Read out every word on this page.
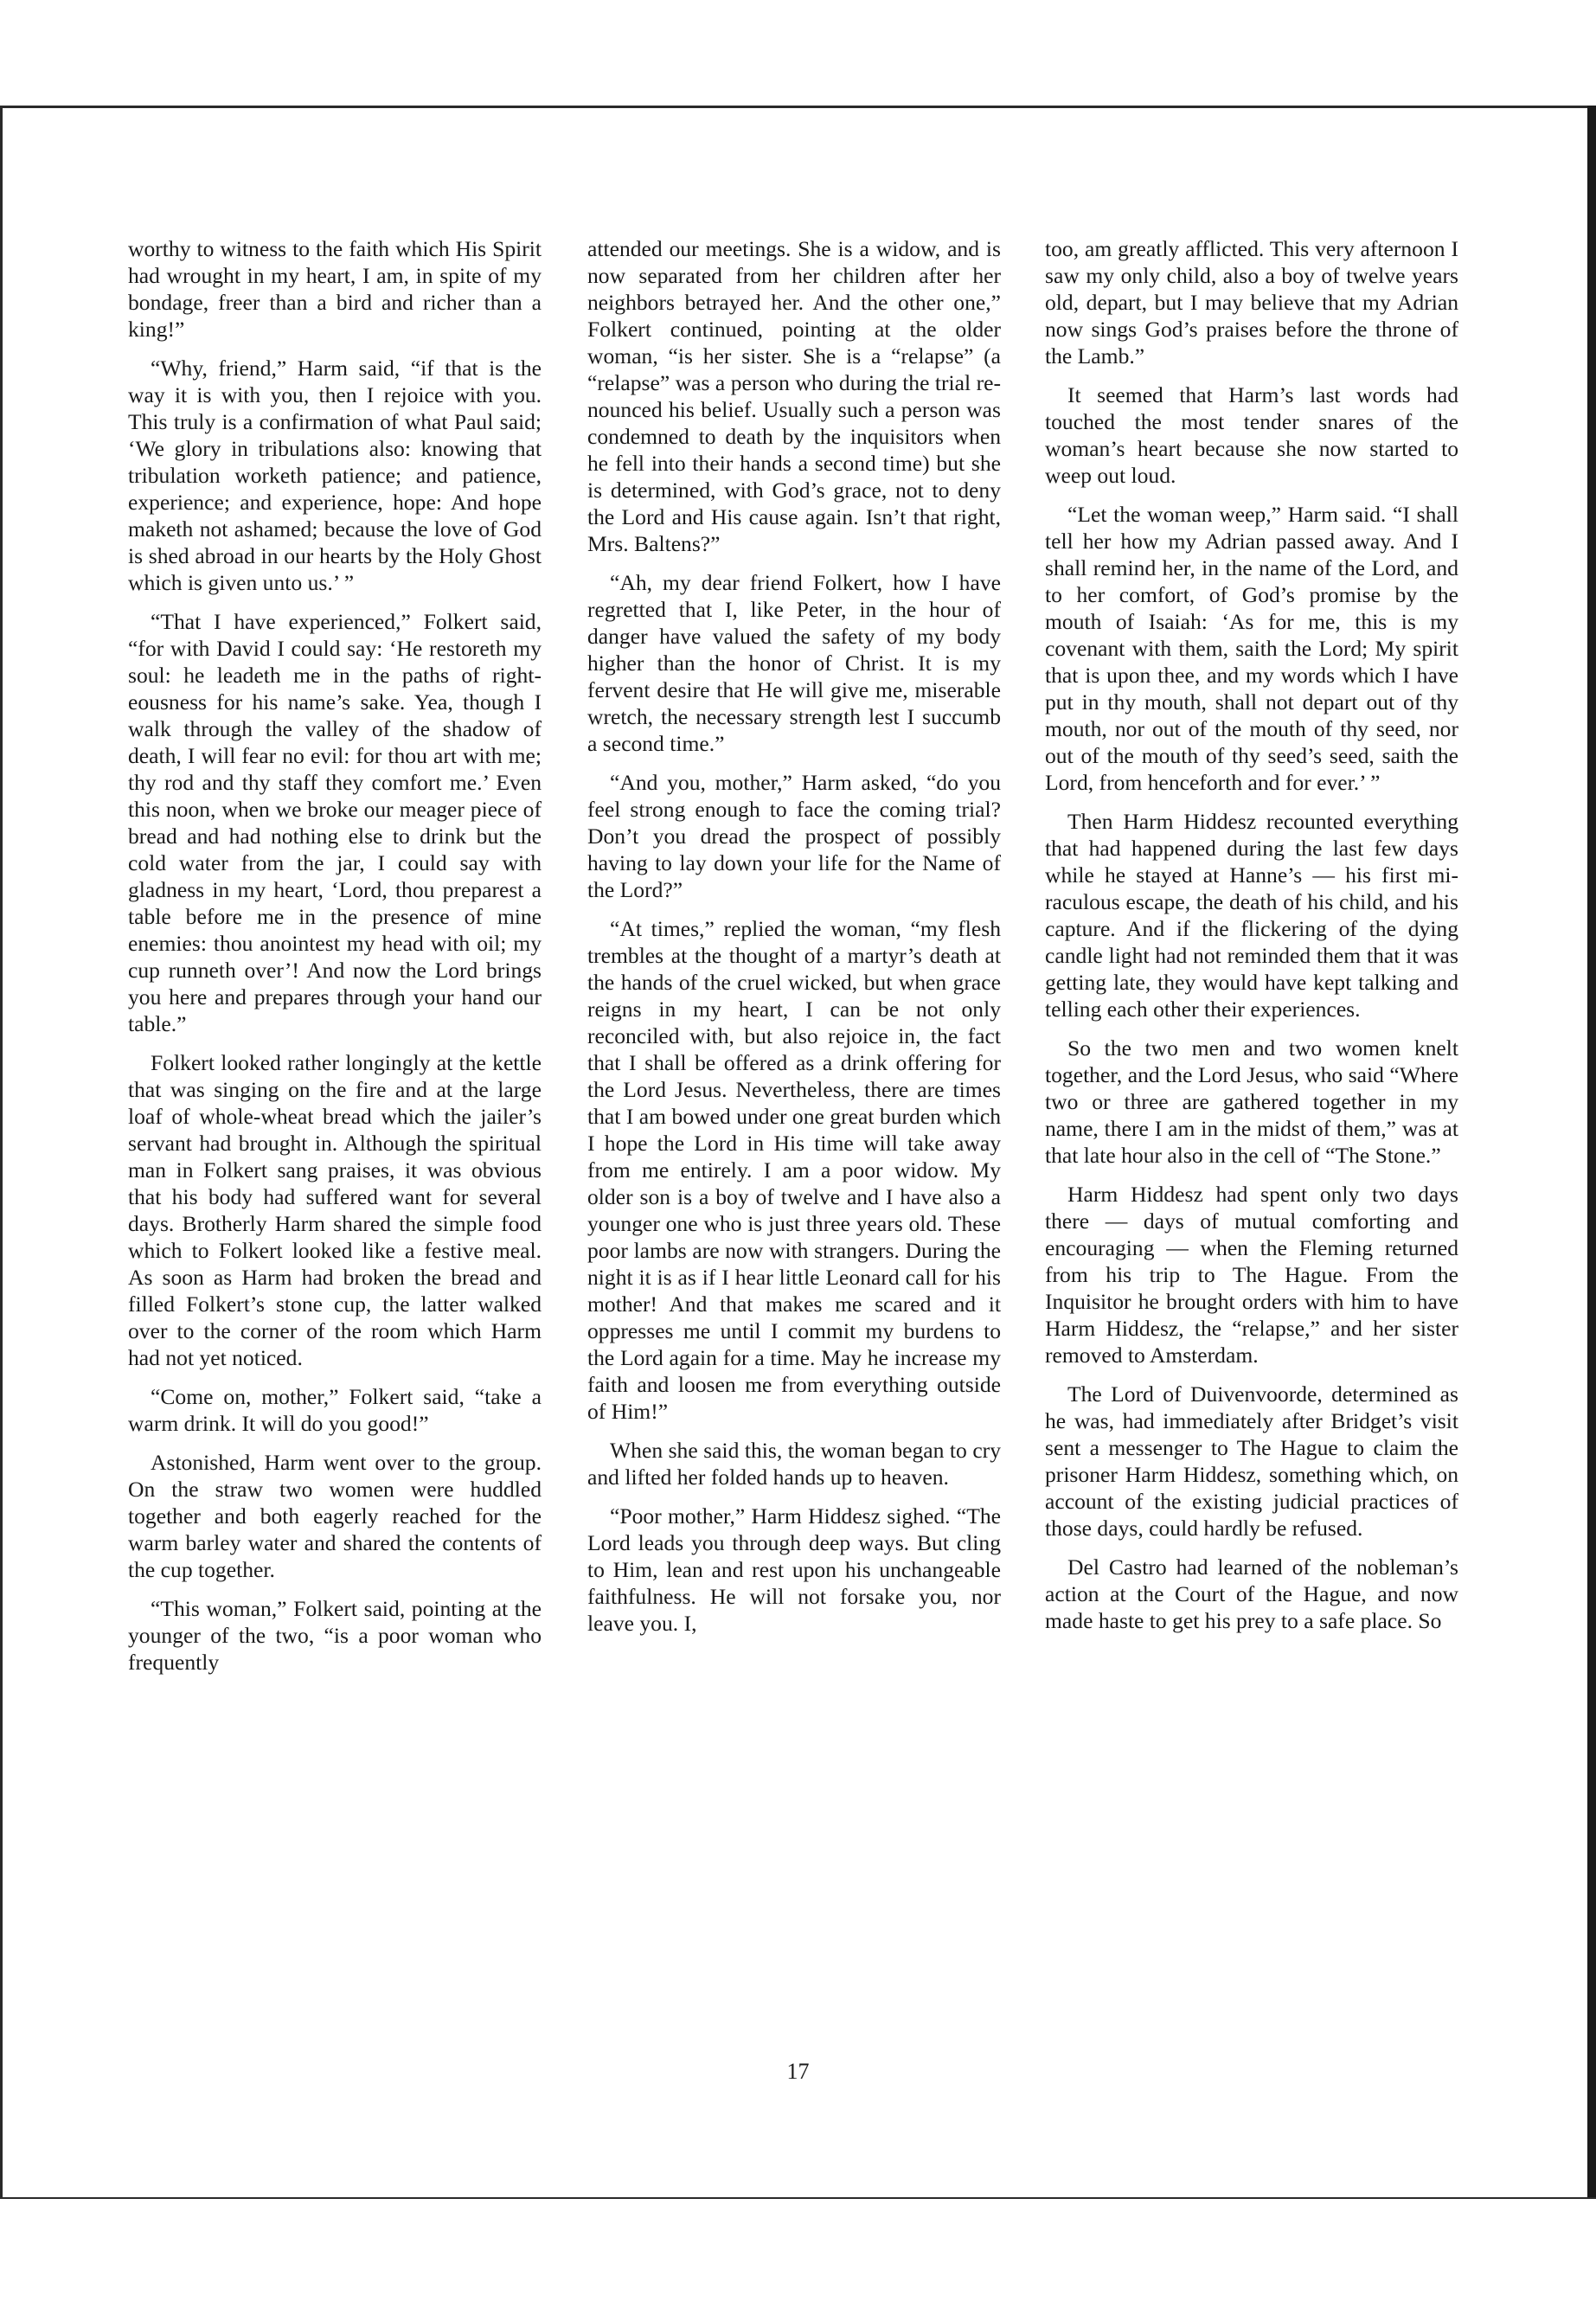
worthy to witness to the faith which His Spirit had wrought in my heart, I am, in spite of my bondage, freer than a bird and richer than a king!”

“Why, friend,” Harm said, “if that is the way it is with you, then I rejoice with you. This truly is a confirmation of what Paul said; ‘We glory in tribulations also: knowing that tribulation worketh patience; and patience, experience; and experience, hope: And hope maketh not ashamed; because the love of God is shed abroad in our hearts by the Holy Ghost which is given unto us.’ ”

“That I have experienced,” Folkert said, “for with David I could say: ‘He restoreth my soul: he leadeth me in the paths of righteousness for his name’s sake. Yea, though I walk through the valley of the shadow of death, I will fear no evil: for thou art with me; thy rod and thy staff they comfort me.’ Even this noon, when we broke our meager piece of bread and had nothing else to drink but the cold water from the jar, I could say with gladness in my heart, ‘Lord, thou preparest a table before me in the presence of mine enemies: thou anointest my head with oil; my cup runneth over’! And now the Lord brings you here and prepares through your hand our table.”

Folkert looked rather longingly at the kettle that was singing on the fire and at the large loaf of whole-wheat bread which the jailer’s servant had brought in. Although the spiritual man in Folkert sang praises, it was obvious that his body had suffered want for several days. Brotherly Harm shared the simple food which to Folkert looked like a festive meal. As soon as Harm had broken the bread and filled Folkert’s stone cup, the latter walked over to the corner of the room which Harm had not yet noticed.

“Come on, mother,” Folkert said, “take a warm drink. It will do you good!”

Astonished, Harm went over to the group. On the straw two women were huddled together and both eagerly reached for the warm barley water and shared the contents of the cup together.

“This woman,” Folkert said, pointing at the younger of the two, “is a poor woman who frequently

attended our meetings. She is a widow, and is now separated from her children after her neighbors betrayed her. And the other one,” Folkert continued, pointing at the older woman, “is her sister. She is a “relapse” (a “relapse” was a person who during the trial renounced his belief. Usually such a person was condemned to death by the inquisitors when he fell into their hands a second time) but she is determined, with God’s grace, not to deny the Lord and His cause again. Isn’t that right, Mrs. Baltens?”

“Ah, my dear friend Folkert, how I have regretted that I, like Peter, in the hour of danger have valued the safety of my body higher than the honor of Christ. It is my fervent desire that He will give me, miserable wretch, the necessary strength lest I succumb a second time.”

“And you, mother,” Harm asked, “do you feel strong enough to face the coming trial? Don’t you dread the prospect of possibly having to lay down your life for the Name of the Lord?”

“At times,” replied the woman, “my flesh trembles at the thought of a martyr’s death at the hands of the cruel wicked, but when grace reigns in my heart, I can be not only reconciled with, but also rejoice in, the fact that I shall be offered as a drink offering for the Lord Jesus. Nevertheless, there are times that I am bowed under one great burden which I hope the Lord in His time will take away from me entirely. I am a poor widow. My older son is a boy of twelve and I have also a younger one who is just three years old. These poor lambs are now with strangers. During the night it is as if I hear little Leonard call for his mother! And that makes me scared and it oppresses me until I commit my burdens to the Lord again for a time. May he increase my faith and loosen me from everything outside of Him!”

When she said this, the woman began to cry and lifted her folded hands up to heaven.

“Poor mother,” Harm Hiddesz sighed. “The Lord leads you through deep ways. But cling to Him, lean and rest upon his unchangeable faithfulness. He will not forsake you, nor leave you. I,

too, am greatly afflicted. This very afternoon I saw my only child, also a boy of twelve years old, depart, but I may believe that my Adrian now sings God’s praises before the throne of the Lamb.”

It seemed that Harm’s last words had touched the most tender snares of the woman’s heart because she now started to weep out loud.

“Let the woman weep,” Harm said. “I shall tell her how my Adrian passed away. And I shall remind her, in the name of the Lord, and to her comfort, of God’s promise by the mouth of Isaiah: ‘As for me, this is my covenant with them, saith the Lord; My spirit that is upon thee, and my words which I have put in thy mouth, shall not depart out of thy mouth, nor out of the mouth of thy seed, nor out of the mouth of thy seed’s seed, saith the Lord, from henceforth and for ever.’ ”

Then Harm Hiddesz recounted everything that had happened during the last few days while he stayed at Hanne’s — his first miraculous escape, the death of his child, and his capture. And if the flickering of the dying candle light had not reminded them that it was getting late, they would have kept talking and telling each other their experiences.

So the two men and two women knelt together, and the Lord Jesus, who said “Where two or three are gathered together in my name, there I am in the midst of them,” was at that late hour also in the cell of “The Stone.”

Harm Hiddesz had spent only two days there — days of mutual comforting and encouraging — when the Fleming returned from his trip to The Hague. From the Inquisitor he brought orders with him to have Harm Hiddesz, the “relapse,” and her sister removed to Amsterdam.

The Lord of Duivenvoorde, determined as he was, had immediately after Bridget’s visit sent a messenger to The Hague to claim the prisoner Harm Hiddesz, something which, on account of the existing judicial practices of those days, could hardly be refused.

Del Castro had learned of the nobleman’s action at the Court of the Hague, and now made haste to get his prey to a safe place. So

17
